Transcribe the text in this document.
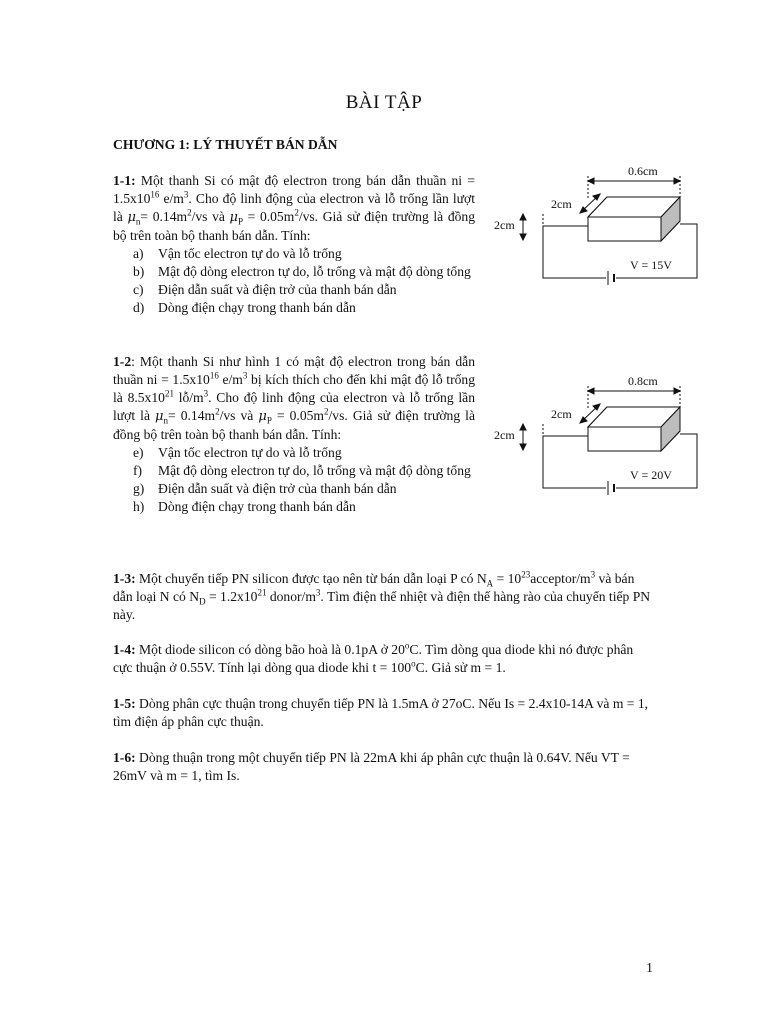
BÀI TẬP
CHƯƠNG 1: LÝ THUYẾT BÁN DẪN
1-1: Một thanh Si có mật độ electron trong bán dẫn thuần ni = $1.5x10^{16}$ $e/m^3$. Cho độ linh động của electron và lỗ trống lần lượt là $\mu_n= 0.14m^2/vs$ và $\mu_P = 0.05m^2/vs$. Giả sử điện trường là đồng bộ trên toàn bộ thanh bán dẫn. Tính:
a) Vận tốc electron tự do và lỗ trống
b) Mật độ dòng electron tự do, lỗ trống và mật độ dòng tổng
c) Điện dẫn suất và điện trở của thanh bán dẫn
d) Dòng điện chạy trong thanh bán dẫn
1-2: Một thanh Si như hình 1 có mật độ electron trong bán dẫn thuần ni = $1.5x10^{16}$ $e/m^3$ bị kích thích cho đến khi mật độ lỗ trống là $8.5x10^{21}$ $lỗ/m^3$. Cho độ linh động của electron và lỗ trống lần lượt là $\mu_n= 0.14m^2/vs$ và $\mu_P = 0.05m^2/vs$. Giả sử điện trường là đồng bộ trên toàn bộ thanh bán dẫn. Tính:
e) Vận tốc electron tự do và lỗ trống
f) Mật độ dòng electron tự do, lỗ trống và mật độ dòng tổng
g) Điện dẫn suất và điện trở của thanh bán dẫn
h) Dòng điện chạy trong thanh bán dẫn
1-3: Một chuyển tiếp PN silicon được tạo nên từ bán dẫn loại P có $N_A$ = $10^{23}acceptor/m^3$ và bán dẫn loại N có $N_D = 1.2x10^{21}$ donor/$m^3$. Tìm điện thế nhiệt và điện thế hàng rào của chuyển tiếp PN này.
1-4: Một diode silicon có dòng bão hoà là 0.1pA ở 20$^o$C. Tìm dòng qua diode khi nó được phân cực thuận ở 0.55V. Tính lại dòng qua diode khi $t = 100^oC$. Giả sử m = 1.
1-5: Dòng phân cực thuận trong chuyển tiếp PN là 1.5mA ở 27oC. Nếu Is = 2.4x10-14A và m = 1, tìm điện áp phân cực thuận.
1-6: Dòng thuận trong một chuyển tiếp PN là 22mA khi áp phân cực thuận là 0.64V. Nếu VT = 26mV và m = 1, tìm Is.
0.6cm
2cm
2cm
V = 15V
0.8cm
2cm
2cm
V = 20V
1
